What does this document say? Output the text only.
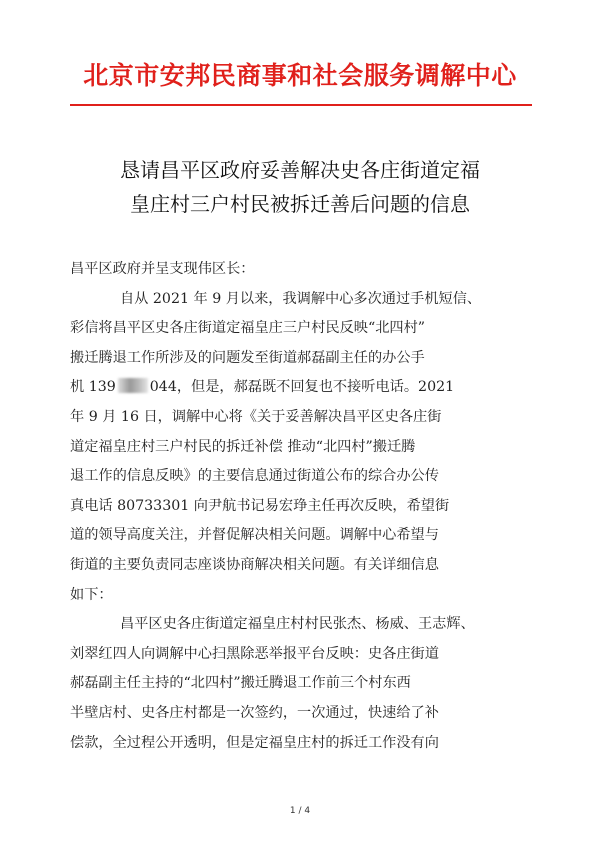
北京市安邦民商事和社会服务调解中心
恳请昌平区政府妥善解决史各庄街道定福
皇庄村三户村民被拆迁善后问题的信息
昌平区政府并呈支现伟区长：
自从 2021 年 9 月以来，我调解中心多次通过手机短信、
彩信将昌平区史各庄街道定福皇庄三户村民反映“北四村”
搬迁腾退工作所涉及的问题发至街道郝磊副主任的办公手
机 139 044，但是，郝磊既不回复也不接听电话。2021
年 9 月 16 日，调解中心将《关于妥善解决昌平区史各庄街
道定福皇庄村三户村民的拆迁补偿 推动“北四村”搬迁腾
退工作的信息反映》的主要信息通过街道公布的综合办公传
真电话 80733301 向尹航书记易宏琤主任再次反映，希望街
道的领导高度关注，并督促解决相关问题。调解中心希望与
街道的主要负责同志座谈协商解决相关问题。有关详细信息
如下：
昌平区史各庄街道定福皇庄村村民张杰、杨威、王志辉、
刘翠红四人向调解中心扫黑除恶举报平台反映：史各庄街道
郝磊副主任主持的“北四村”搬迁腾退工作前三个村东西
半壁店村、史各庄村都是一次签约，一次通过，快速给了补
偿款，全过程公开透明，但是定福皇庄村的拆迁工作没有向
1 / 4
